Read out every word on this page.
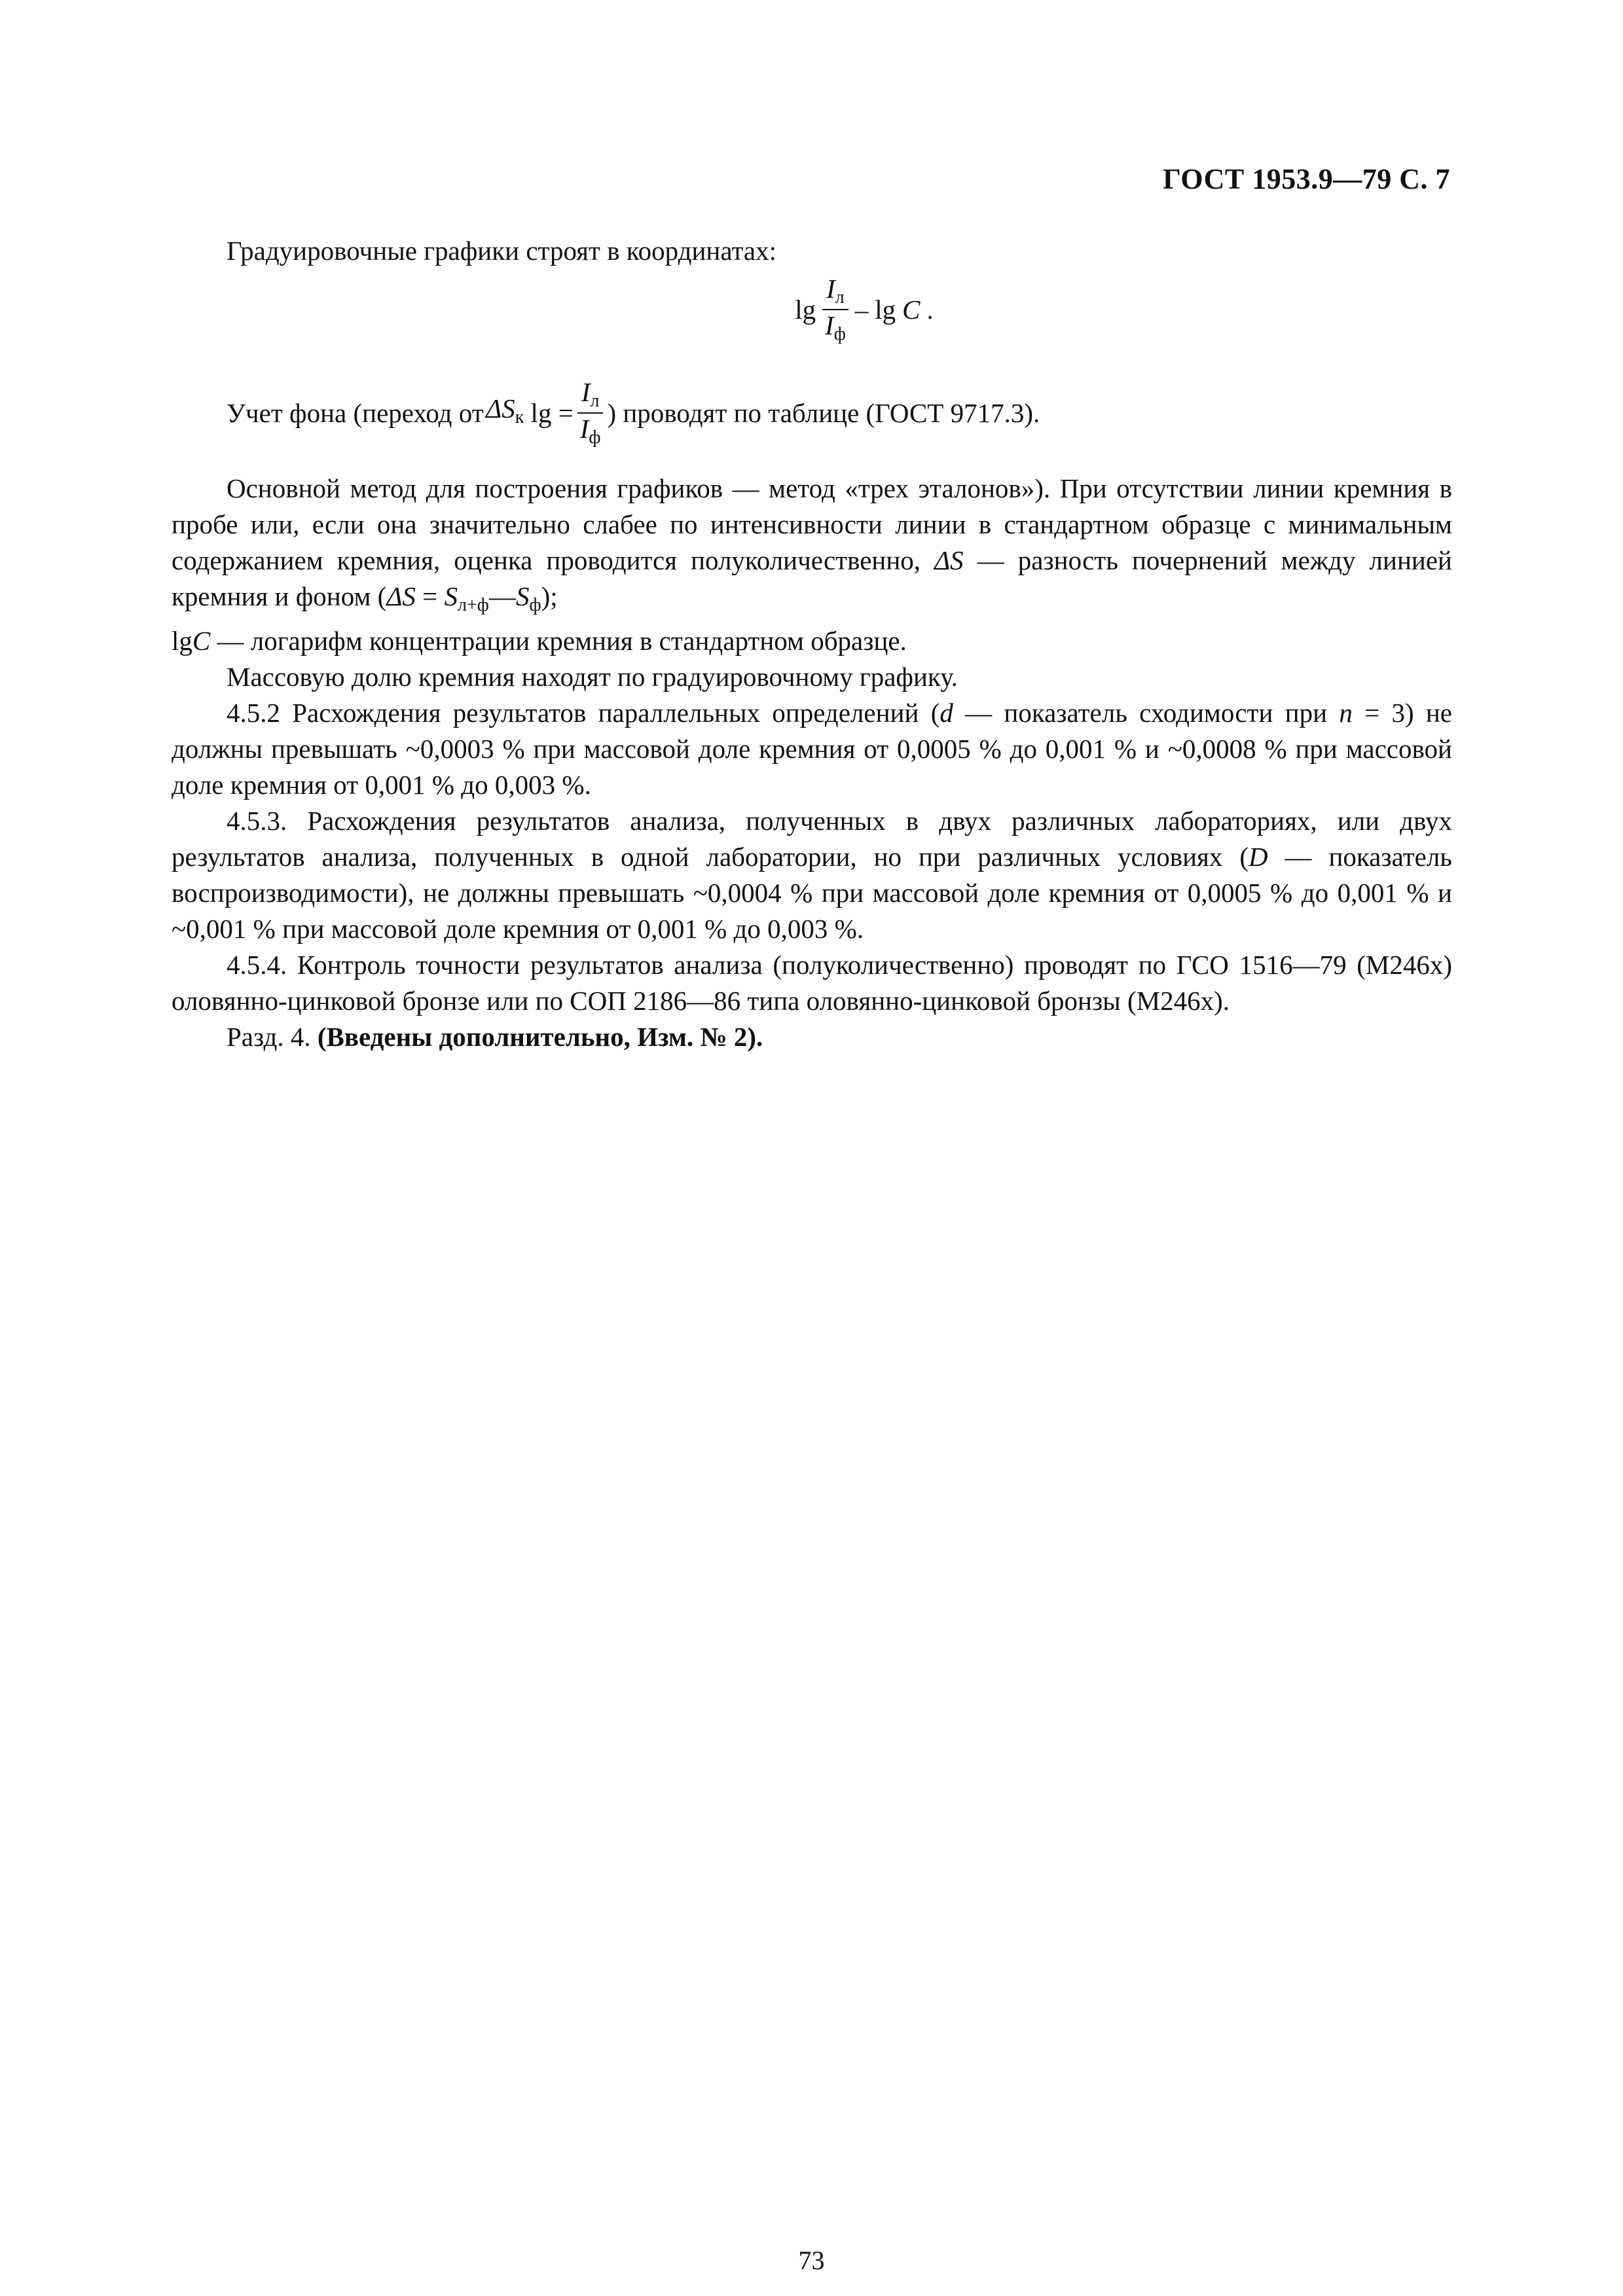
ГОСТ 1953.9—79 С. 7

Градуировочные графики строят в координатах:

$\lg \frac{I_л}{I_ф}$ – lg C .
Учет фона (переход от
  $\Delta S_к$
$\lg = \frac{I_л}{I_ф}$ ) проводят по таблице (ГОСТ 9717.3).

Основной метод для построения графиков — метод «трех эталонов»). При отсутствии линии кремния в пробе или, если она значительно слабее по интенсивности линии в стандартном образце с минимальным содержанием кремния, оценка проводится полуколичественно, ΔS — разность почернений между линией кремния и фоном $(\Delta S = S_{л+ф}—S_ф)$;

lgC — логарифм концентрации кремния в стандартном образце.

Массовую долю кремния находят по градуировочному графику.

4.5.2 Расхождения результатов параллельных определений (d — показатель сходимости при n = 3) не должны превышать ~0,0003 % при массовой доле кремния от 0,0005 % до 0,001 % и ~0,0008 % при массовой доле кремния от 0,001 % до 0,003 %.

4.5.3. Расхождения результатов анализа, полученных в двух различных лабораториях, или двух результатов анализа, полученных в одной лаборатории, но при различных условиях (D — показатель воспроизводимости), не должны превышать ~0,0004 % при массовой доле кремния от 0,0005 % до 0,001 % и ~0,001 % при массовой доле кремния от 0,001 % до 0,003 %.

4.5.4. Контроль точности результатов анализа (полуколичественно) проводят по ГСО 1516—79 (М246х) оловянно-цинковой бронзе или по СОП 2186—86 типа оловянно-цинковой бронзы (М246х).

Разд. 4. (Введены дополнительно, Изм. № 2).

73
